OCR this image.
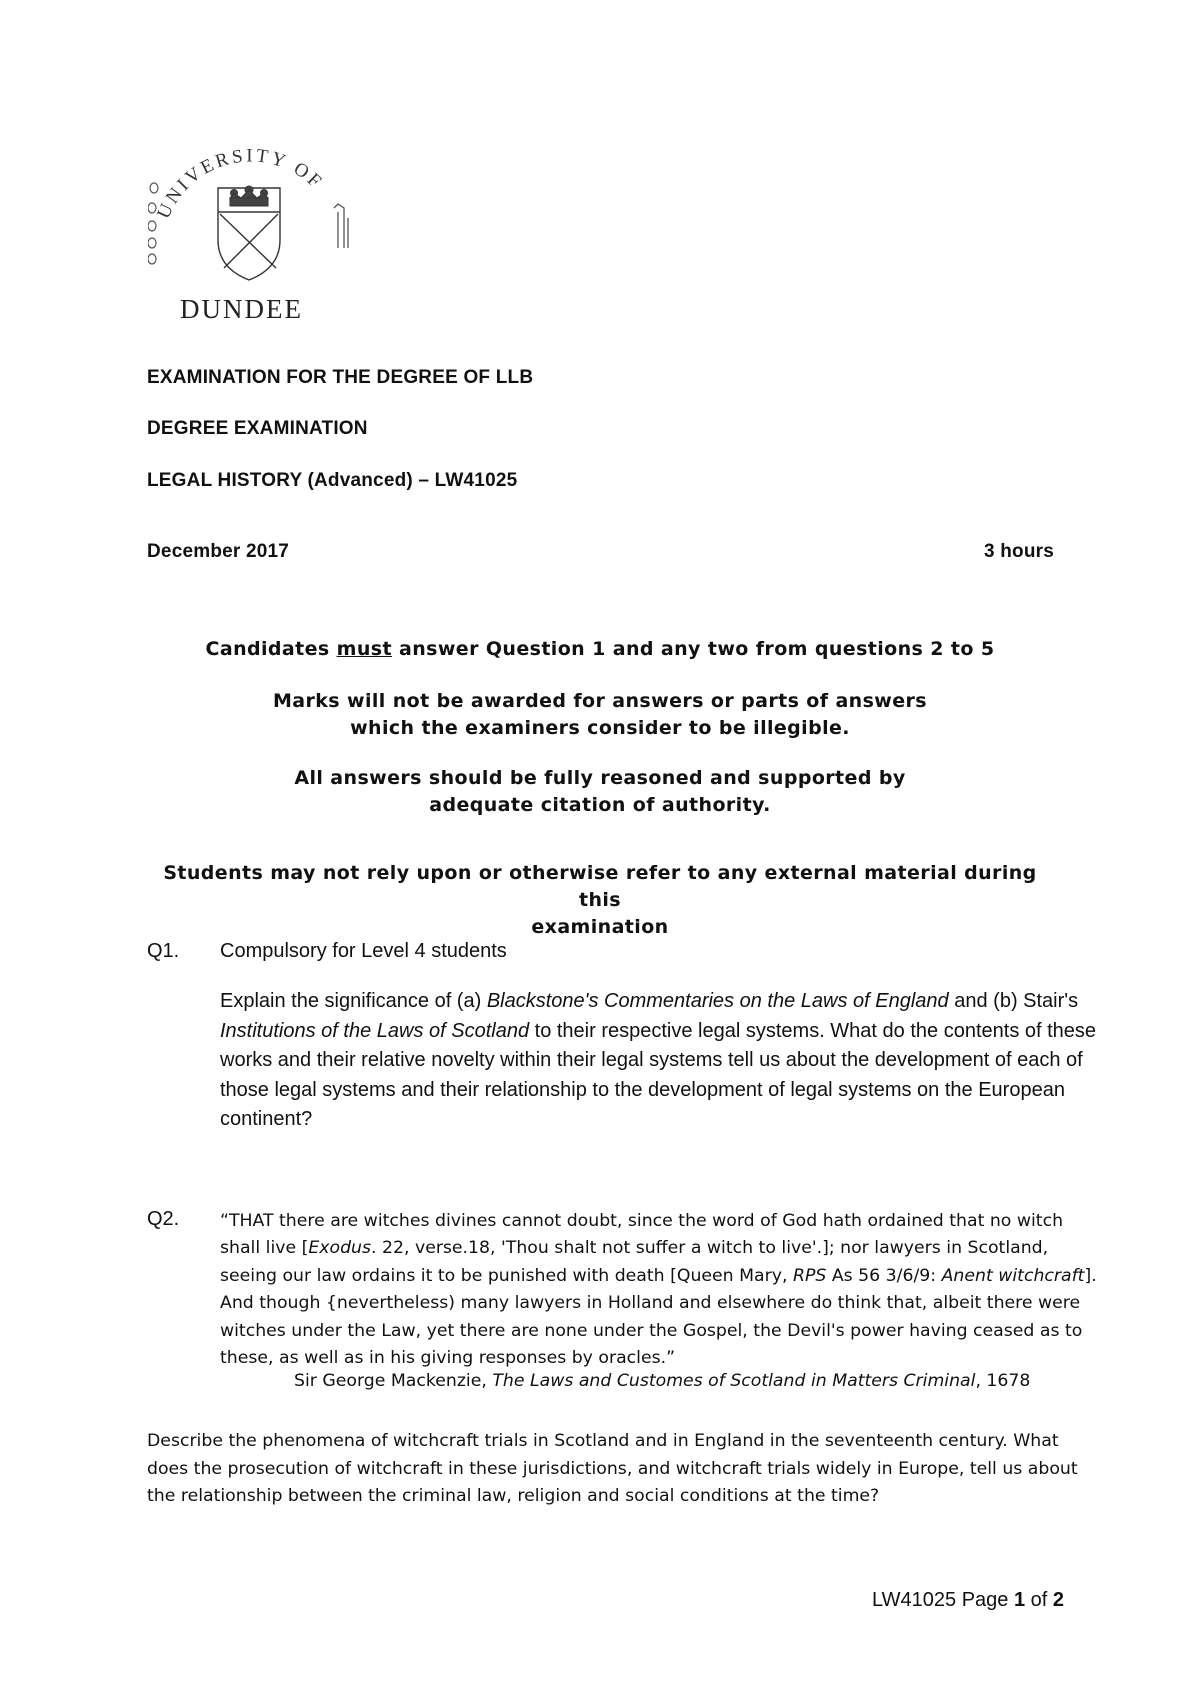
UNIVERSITY OF
DUNDEE
EXAMINATION FOR THE DEGREE OF LLB
DEGREE EXAMINATION
LEGAL HISTORY (Advanced) – LW41025
December 2017	3 hours
Candidates must answer Question 1 and any two from questions 2 to 5
Marks will not be awarded for answers or parts of answers
which the examiners consider to be illegible.
All answers should be fully reasoned and supported by
adequate citation of authority.
Students may not rely upon or otherwise refer to any external material during this
examination
Q1. Compulsory for Level 4 students
Explain the significance of (a) Blackstone's Commentaries on the Laws of England and (b) Stair's Institutions of the Laws of Scotland to their respective legal systems. What do the contents of these works and their relative novelty within their legal systems tell us about the development of each of those legal systems and their relationship to the development of legal systems on the European continent?
Q2. “THAT there are witches divines cannot doubt, since the word of God hath ordained that no witch shall live [Exodus. 22, verse.18, 'Thou shalt not suffer a witch to live'.]; nor lawyers in Scotland, seeing our law ordains it to be punished with death [Queen Mary, RPS As 56 3/6/9: Anent witchcraft]. And though {nevertheless) many lawyers in Holland and elsewhere do think that, albeit there were witches under the Law, yet there are none under the Gospel, the Devil's power having ceased as to these, as well as in his giving responses by oracles.”
Sir George Mackenzie, The Laws and Customes of Scotland in Matters Criminal, 1678
Describe the phenomena of witchcraft trials in Scotland and in England in the seventeenth century. What does the prosecution of witchcraft in these jurisdictions, and witchcraft trials widely in Europe, tell us about the relationship between the criminal law, religion and social conditions at the time?
LW41025 Page 1 of 2
